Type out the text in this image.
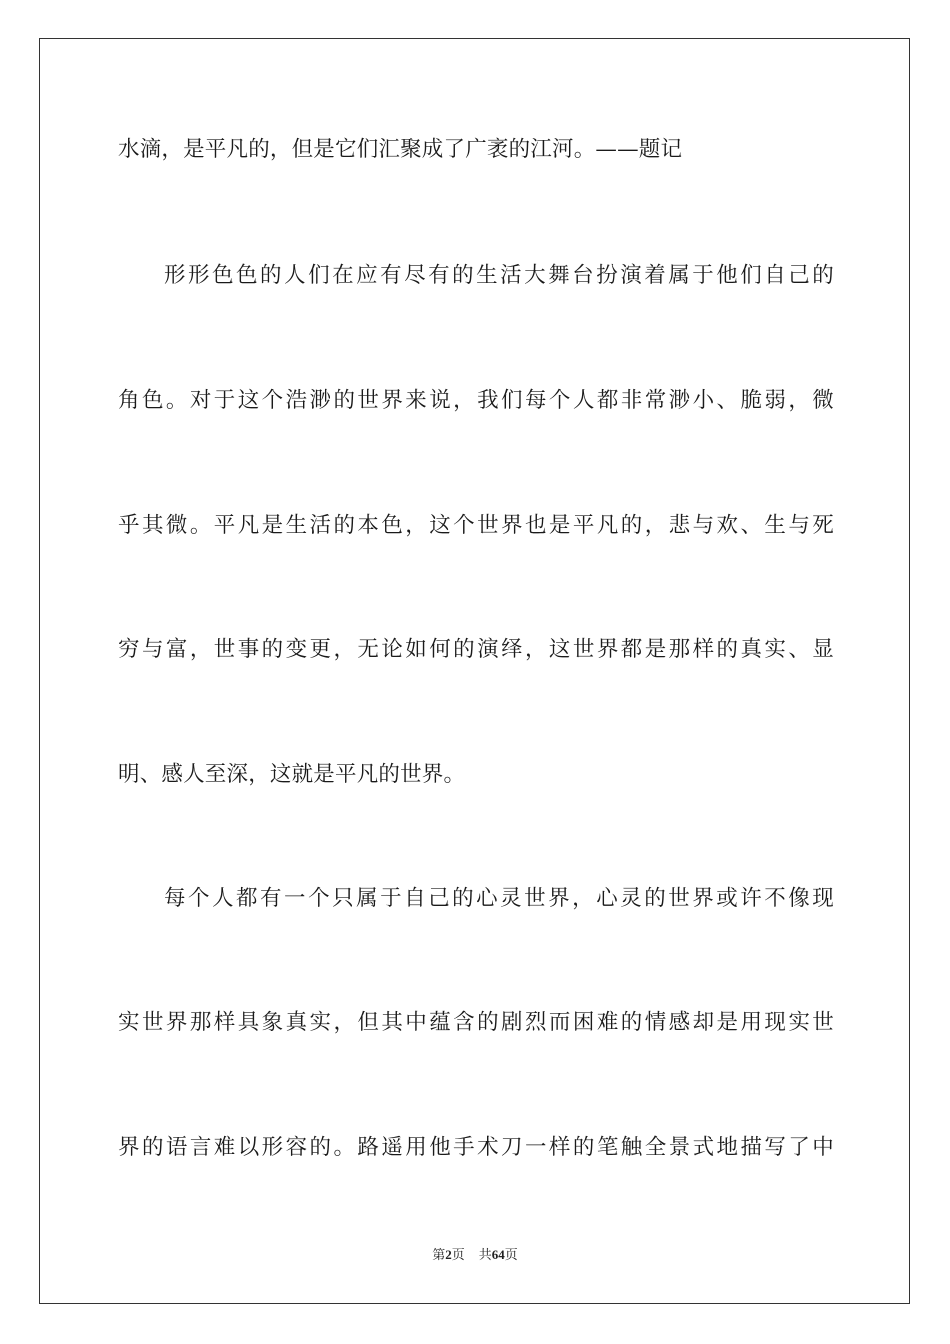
水滴，是平凡的，但是它们汇聚成了广袤的江河。——题记
形形色色的人们在应有尽有的生活大舞台扮演着属于他们自己的
角色。对于这个浩渺的世界来说，我们每个人都非常渺小、脆弱，微
乎其微。平凡是生活的本色，这个世界也是平凡的，悲与欢、生与死
穷与富，世事的变更，无论如何的演绎，这世界都是那样的真实、显
明、感人至深，这就是平凡的世界。
每个人都有一个只属于自己的心灵世界，心灵的世界或许不像现
实世界那样具象真实，但其中蕴含的剧烈而困难的情感却是用现实世
界的语言难以形容的。路遥用他手术刀一样的笔触全景式地描写了中
第2页 共64页
